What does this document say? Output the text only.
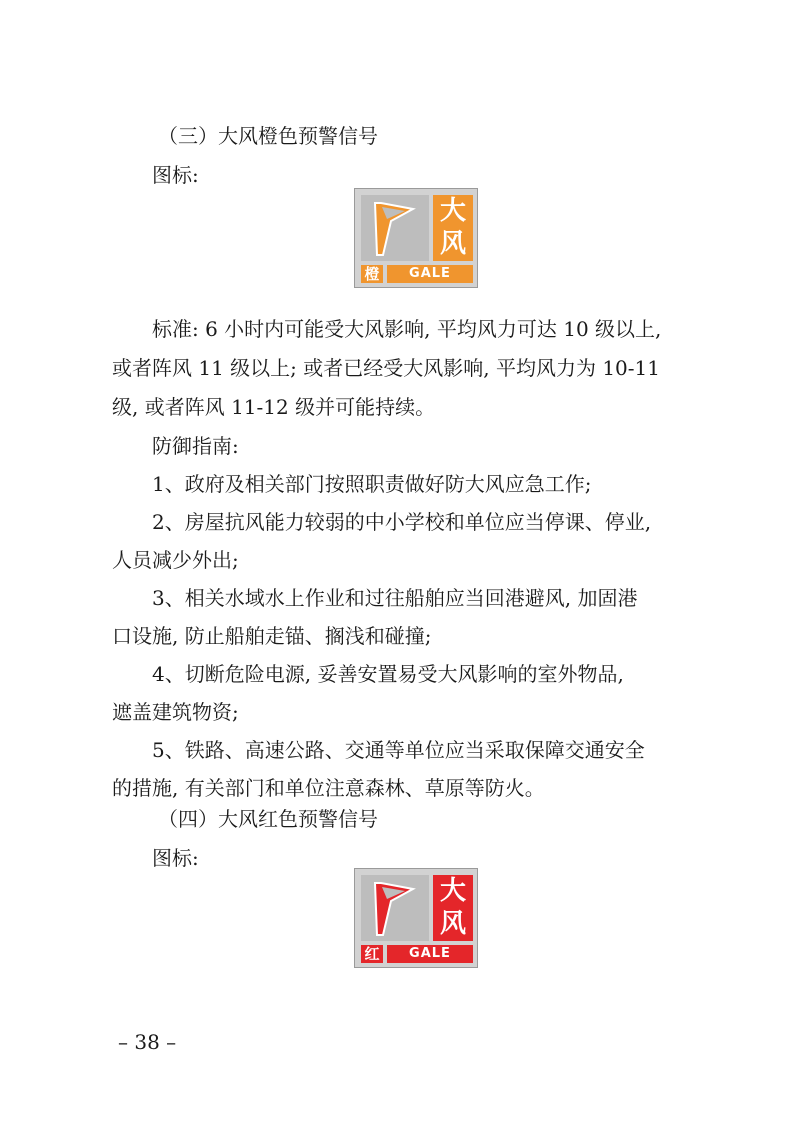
（三）大风橙色预警信号
图标:
大
风
橙	GALE
标准: 6 小时内可能受大风影响, 平均风力可达 10 级以上,
或者阵风 11 级以上; 或者已经受大风影响, 平均风力为 10-11
级, 或者阵风 11-12 级并可能持续。
防御指南:
1、政府及相关部门按照职责做好防大风应急工作;
2、房屋抗风能力较弱的中小学校和单位应当停课、停业,
人员减少外出;
3、相关水域水上作业和过往船舶应当回港避风, 加固港
口设施, 防止船舶走锚、搁浅和碰撞;
4、切断危险电源, 妥善安置易受大风影响的室外物品,
遮盖建筑物资;
5、铁路、高速公路、交通等单位应当采取保障交通安全
的措施, 有关部门和单位注意森林、草原等防火。
（四）大风红色预警信号
图标:
大
风
红	GALE
– 38 –
